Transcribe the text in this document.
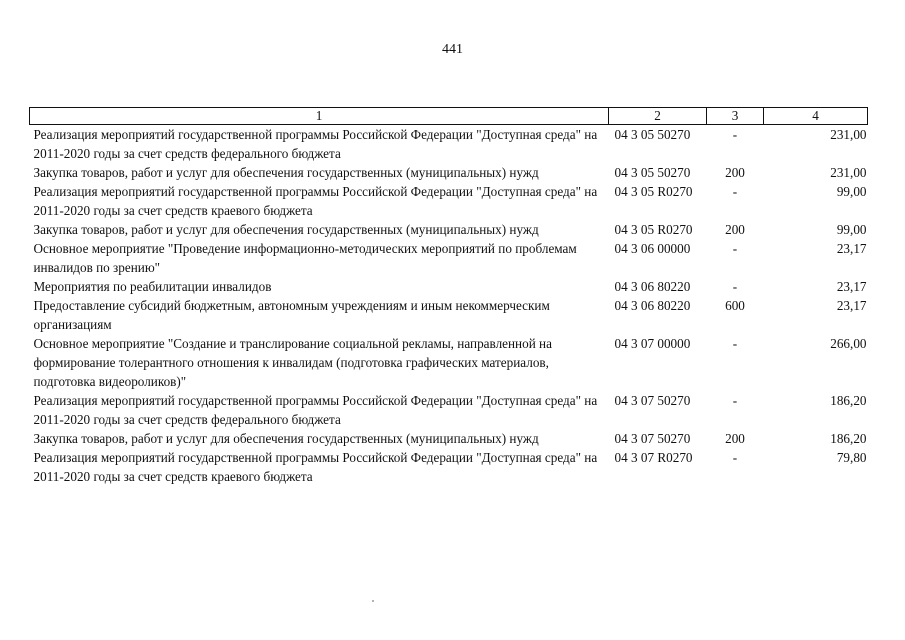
441
1	2	3	4
Реализация мероприятий государственной программы Российской Федерации "Доступная среда" на 2011-2020 годы за счет средств федерального бюджета	04 3 05 50270	-	231,00
Закупка товаров, работ и услуг для обеспечения государственных (муниципальных) нужд	04 3 05 50270	200	231,00
Реализация мероприятий государственной программы Российской Федерации "Доступная среда" на 2011-2020 годы за счет средств краевого бюджета	04 3 05 R0270	-	99,00
Закупка товаров, работ и услуг для обеспечения государственных (муниципальных) нужд	04 3 05 R0270	200	99,00
Основное мероприятие "Проведение информационно-методических мероприятий по проблемам инвалидов по зрению"	04 3 06 00000	-	23,17
Мероприятия по реабилитации инвалидов	04 3 06 80220	-	23,17
Предоставление субсидий бюджетным, автономным учреждениям и иным некоммерческим организациям	04 3 06 80220	600	23,17
Основное мероприятие "Создание и транслирование социальной рекламы, направленной на формирование толерантного отношения к инвалидам (подготовка графических материалов, подготовка видеороликов)"	04 3 07 00000	-	266,00
Реализация мероприятий государственной программы Российской Федерации "Доступная среда" на 2011-2020 годы за счет средств федерального бюджета	04 3 07 50270	-	186,20
Закупка товаров, работ и услуг для обеспечения государственных (муниципальных) нужд	04 3 07 50270	200	186,20
Реализация мероприятий государственной программы Российской Федерации "Доступная среда" на 2011-2020 годы за счет средств краевого бюджета	04 3 07 R0270	-	79,80
